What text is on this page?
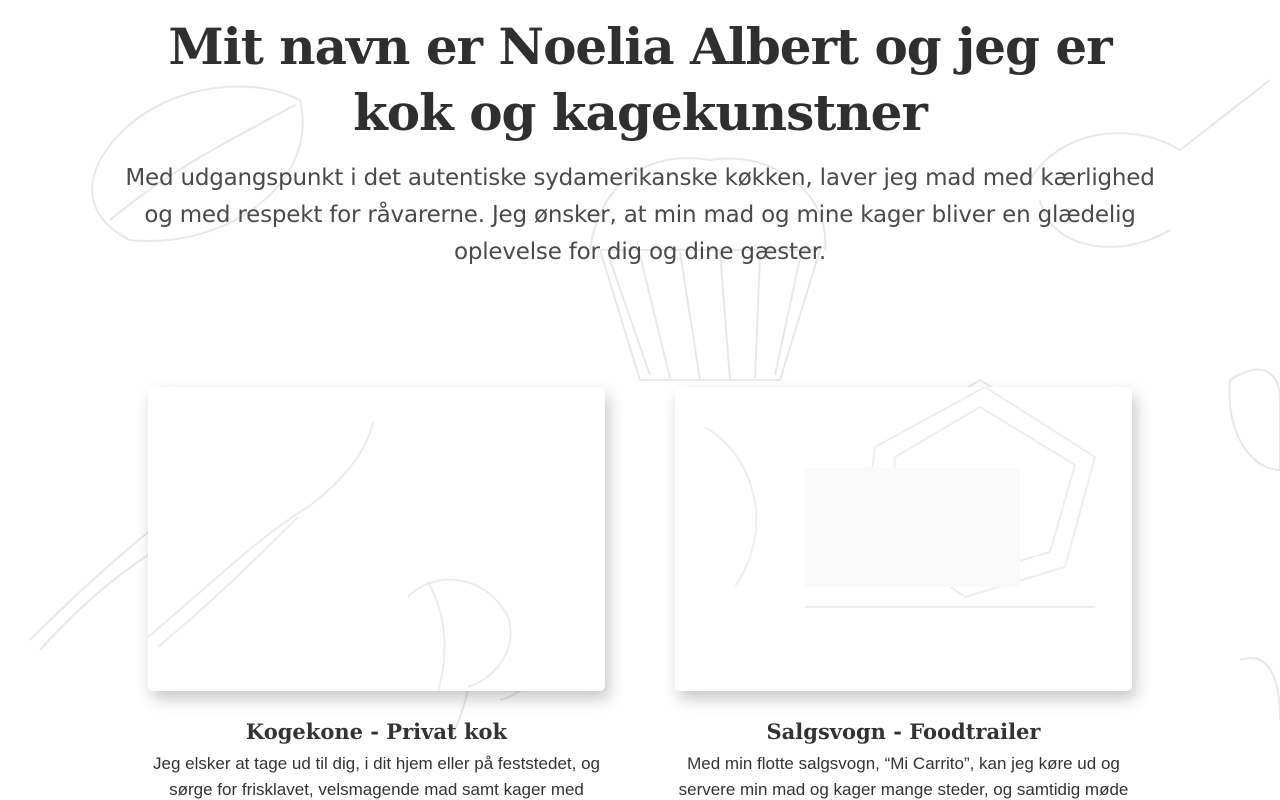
Mit navn er Noelia Albert og jeg er kok og kagekunstner

Med udgangspunkt i det autentiske sydamerikanske køkken, laver jeg mad med kærlighed og med respekt for råvarerne. Jeg ønsker, at min mad og mine kager bliver en glædelig oplevelse for dig og dine gæster.

Kogekone - Privat kok

Jeg elsker at tage ud til dig, i dit hjem eller på feststedet, og sørge for frisklavet, velsmagende mad samt kager med

Salgsvogn - Foodtrailer

Med min flotte salgsvogn, “Mi Carrito”, kan jeg køre ud og servere min mad og kager mange steder, og samtidig møde
